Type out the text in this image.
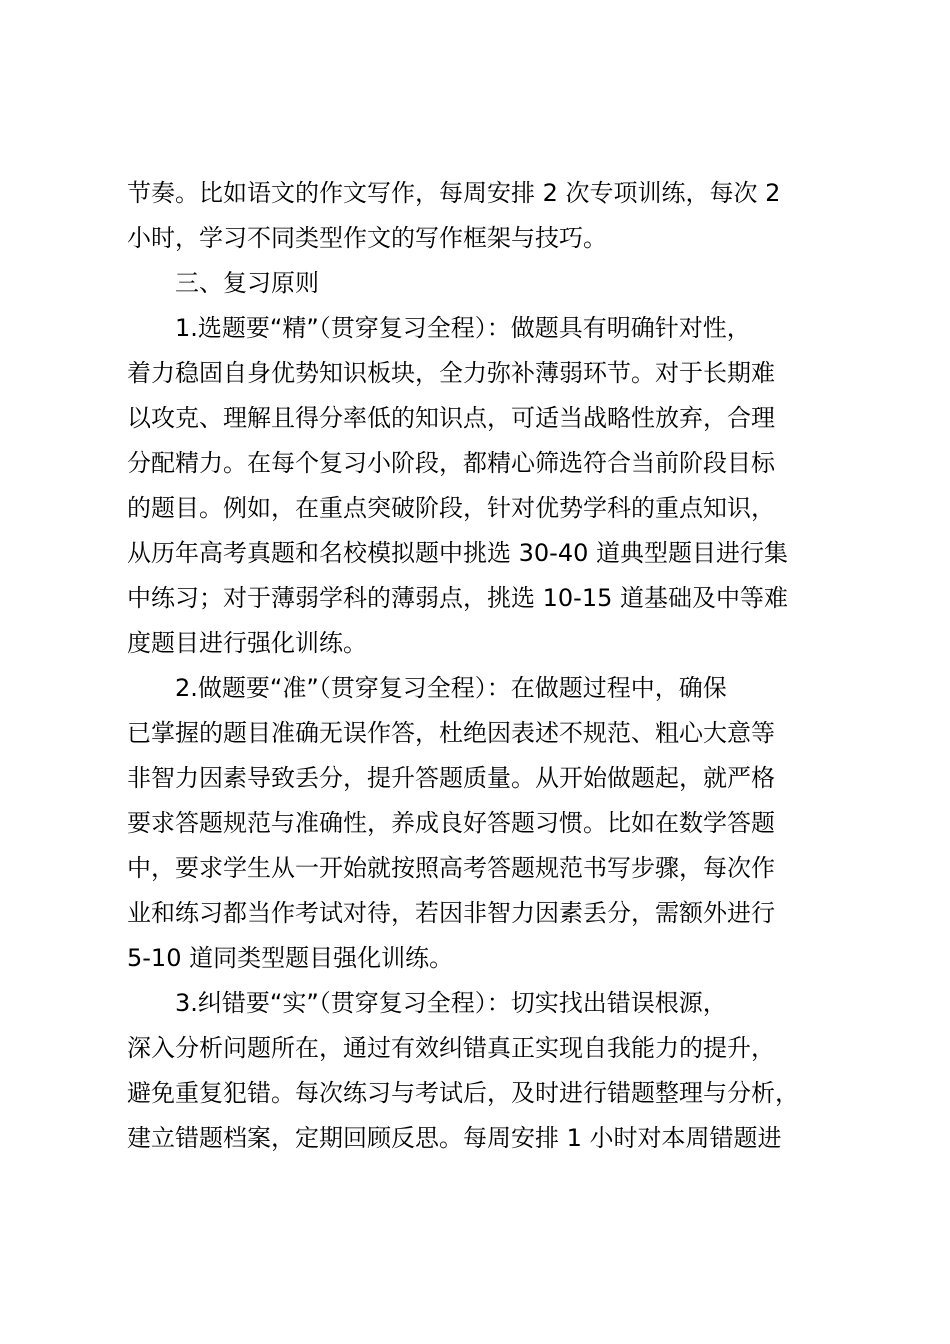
节奏。比如语文的作文写作，每周安排 2 次专项训练，每次 2
小时，学习不同类型作文的写作框架与技巧。
三、复习原则
1.选题要“精”（贯穿复习全程）：做题具有明确针对性，
着力稳固自身优势知识板块，全力弥补薄弱环节。对于长期难
以攻克、理解且得分率低的知识点，可适当战略性放弃，合理
分配精力。在每个复习小阶段，都精心筛选符合当前阶段目标
的题目。例如，在重点突破阶段，针对优势学科的重点知识，
从历年高考真题和名校模拟题中挑选 30-40 道典型题目进行集
中练习；对于薄弱学科的薄弱点，挑选 10-15 道基础及中等难
度题目进行强化训练。
2.做题要“准”（贯穿复习全程）：在做题过程中，确保
已掌握的题目准确无误作答，杜绝因表述不规范、粗心大意等
非智力因素导致丢分，提升答题质量。从开始做题起，就严格
要求答题规范与准确性，养成良好答题习惯。比如在数学答题
中，要求学生从一开始就按照高考答题规范书写步骤，每次作
业和练习都当作考试对待，若因非智力因素丢分，需额外进行
5-10 道同类型题目强化训练。
3.纠错要“实”（贯穿复习全程）：切实找出错误根源，
深入分析问题所在，通过有效纠错真正实现自我能力的提升，
避免重复犯错。每次练习与考试后，及时进行错题整理与分析，
建立错题档案，定期回顾反思。每周安排 1 小时对本周错题进
